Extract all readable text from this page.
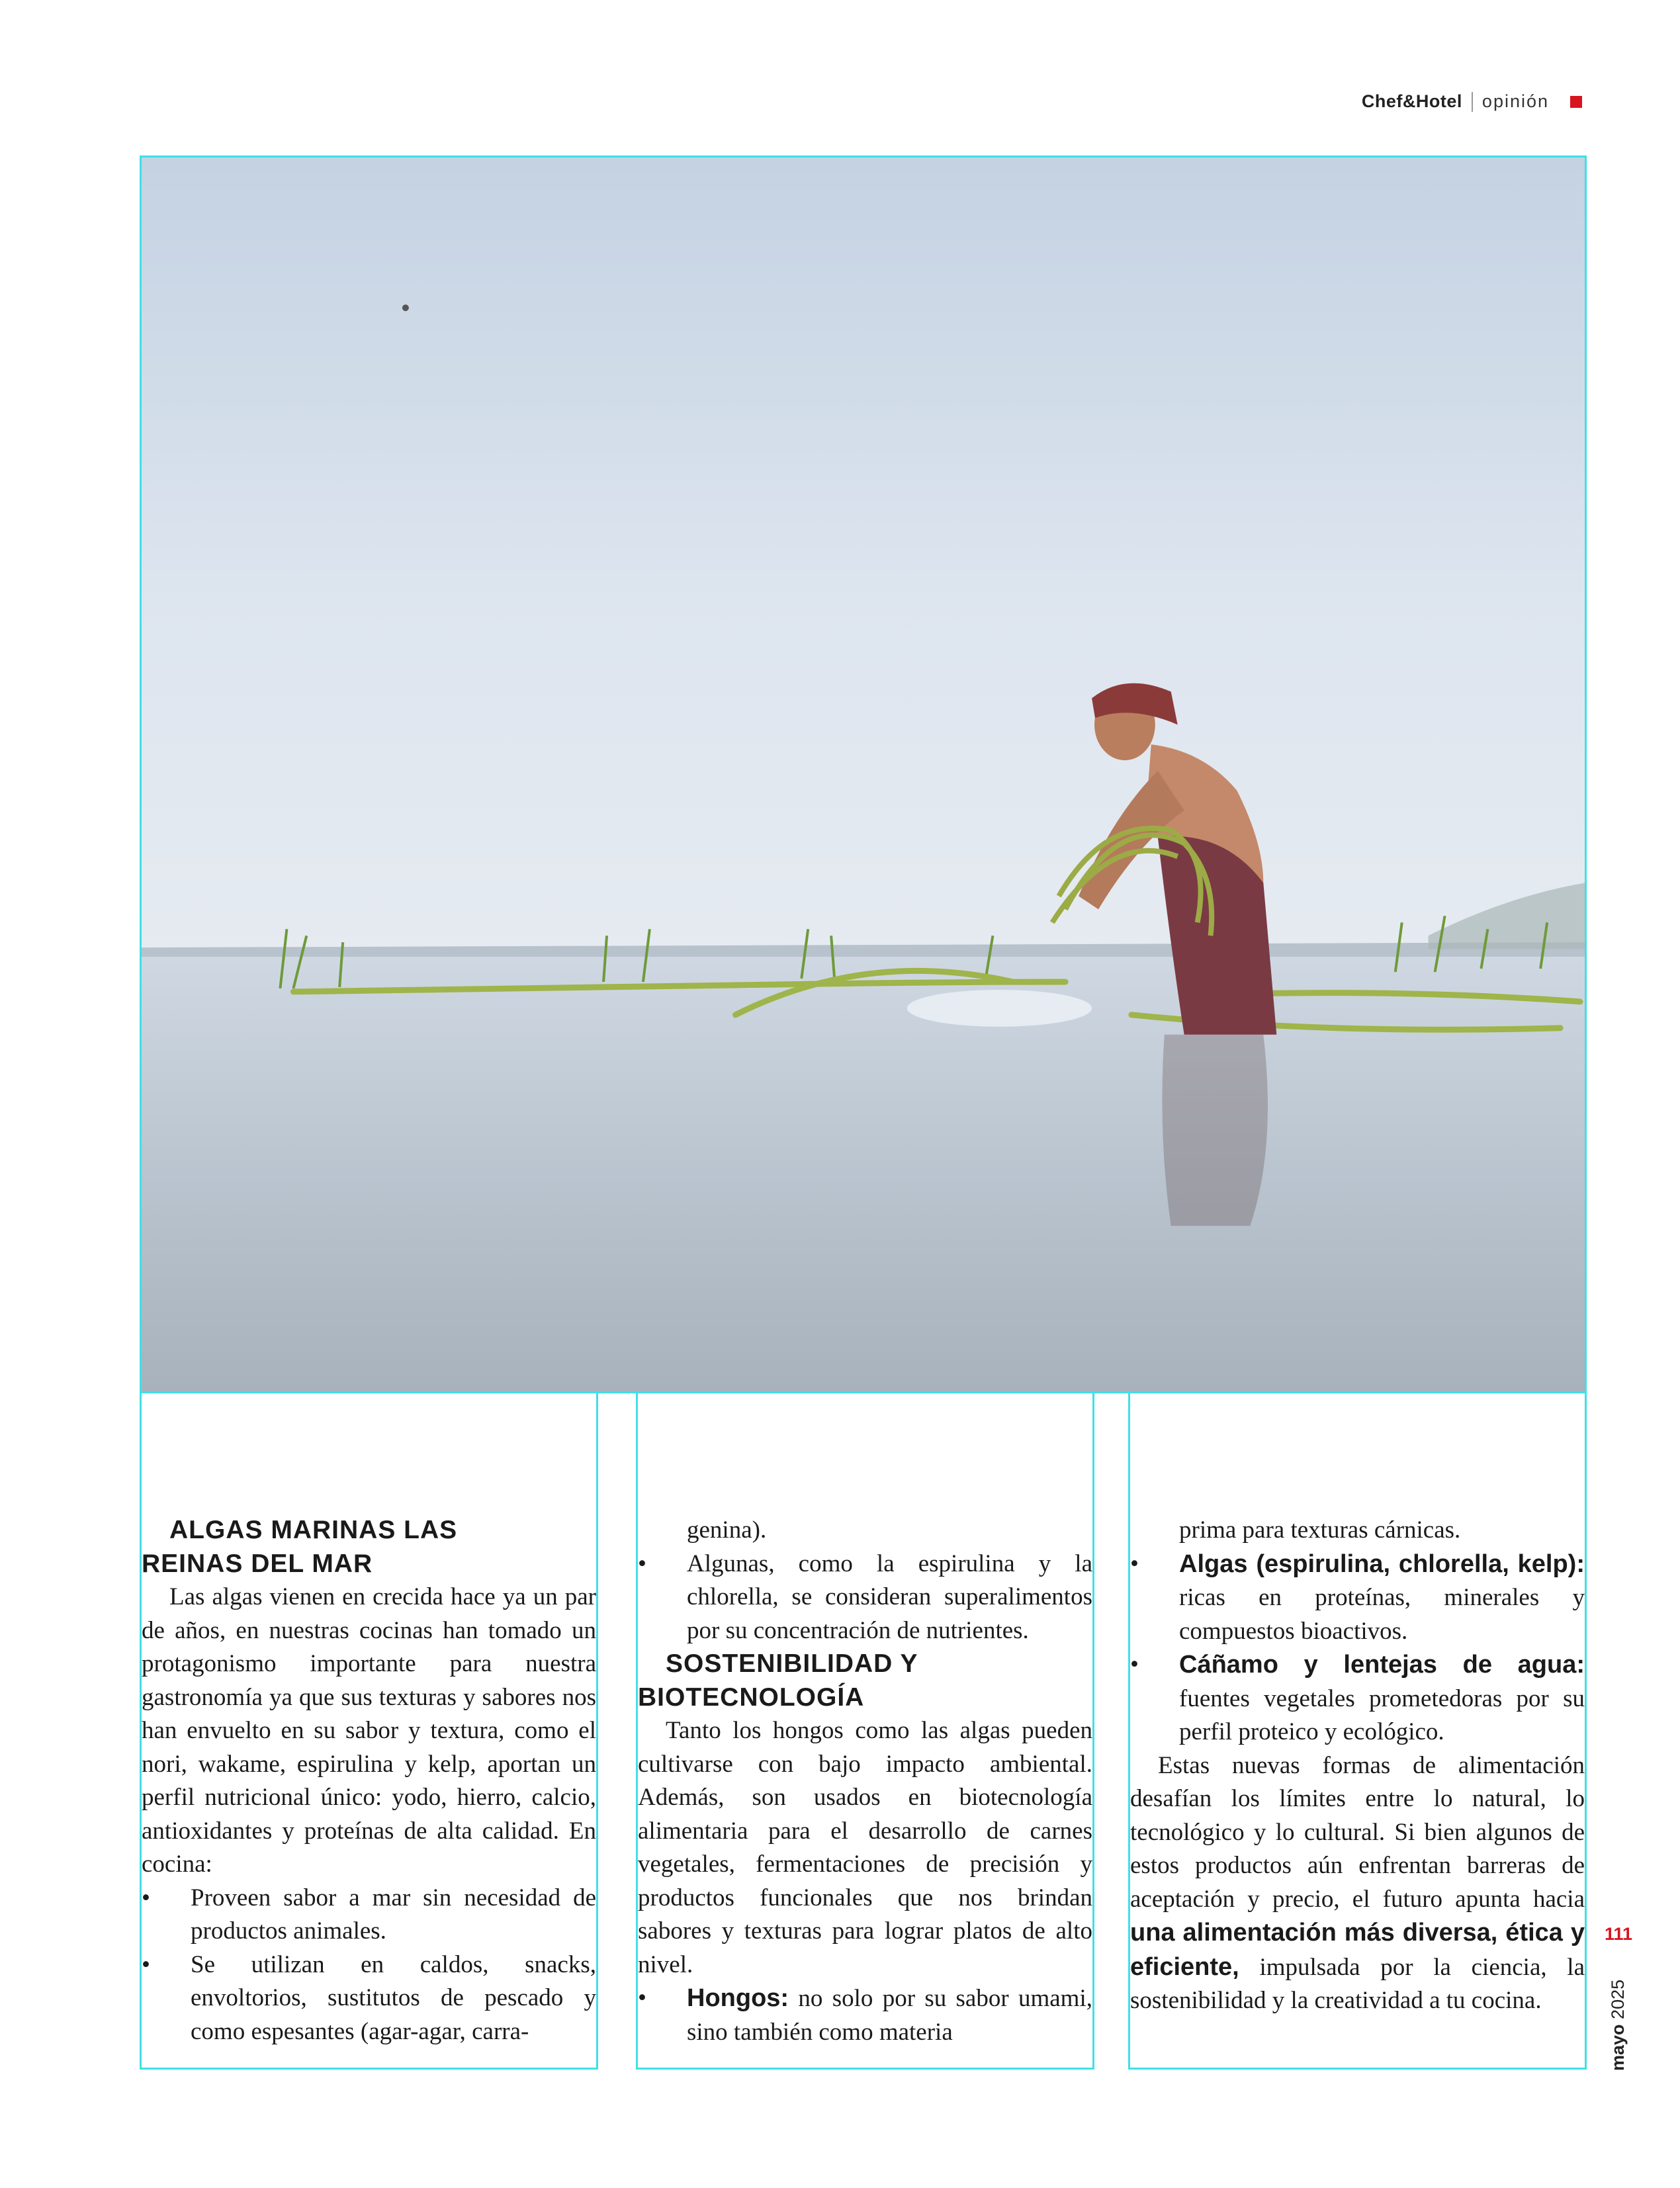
Chef&Hotel opinión
ALGAS MARINAS LAS
REINAS DEL MAR

Las algas vienen en crecida hace ya un par de años, en nuestras cocinas han tomado un protagonismo importante para nuestra gastronomía ya que sus texturas y sabores nos han envuelto en su sabor y textura, como el nori, wakame, espirulina y kelp, aportan un perfil nutricional único: yodo, hierro, calcio, antioxidantes y proteínas de alta calidad. En cocina:

• Proveen sabor a mar sin necesidad de productos animales.
• Se utilizan en caldos, snacks, envoltorios, sustitutos de pescado y como espesantes (agar-agar, carra-

genina).

• Algunas, como la espirulina y la chlorella, se consideran superalimentos por su concentración de nutrientes.
SOSTENIBILIDAD Y
BIOTECNOLOGÍA

Tanto los hongos como las algas pueden cultivarse con bajo impacto ambiental. Además, son usados en biotecnología alimentaria para el desarrollo de carnes vegetales, fermentaciones de precisión y productos funcionales que nos brindan sabores y texturas para lograr platos de alto nivel.

• Hongos: no solo por su sabor umami, sino también como materia

prima para texturas cárnicas.

• Algas (espirulina, chlorella, kelp): ricas en proteínas, minerales y compuestos bioactivos.
• Cáñamo y lentejas de agua: fuentes vegetales prometedoras por su perfil proteico y ecológico.

Estas nuevas formas de alimentación desafían los límites entre lo natural, lo tecnológico y lo cultural. Si bien algunos de estos productos aún enfrentan barreras de aceptación y precio, el futuro apunta hacia una alimentación más diversa, ética y eficiente, impulsada por la ciencia, la sostenibilidad y la creatividad a tu cocina.

111
mayo 2025
